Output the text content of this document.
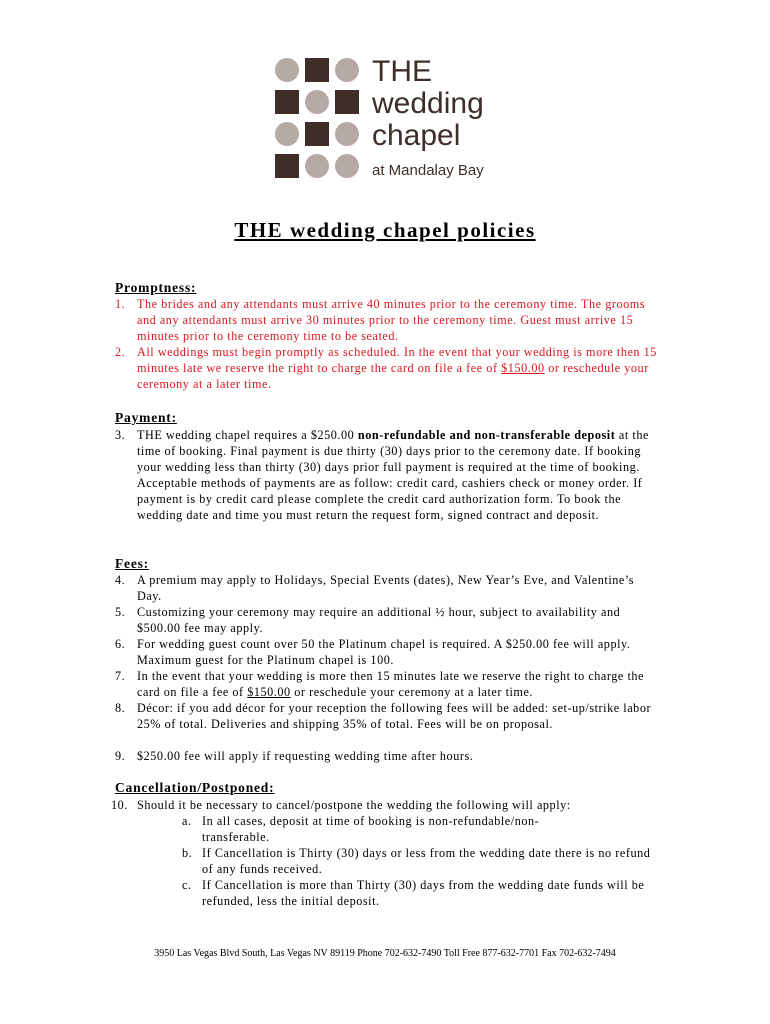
THE
wedding
chapel
at Mandalay Bay
THE wedding chapel policies
Promptness:
1. The brides and any attendants must arrive 40 minutes prior to the ceremony time. The grooms and any attendants must arrive 30 minutes prior to the ceremony time. Guest must arrive 15 minutes prior to the ceremony time to be seated.
2. All weddings must begin promptly as scheduled. In the event that your wedding is more then 15 minutes late we reserve the right to charge the card on file a fee of $150.00 or reschedule your ceremony at a later time.
Payment:
3. THE wedding chapel requires a $250.00 non-refundable and non-transferable deposit at the time of booking. Final payment is due thirty (30) days prior to the ceremony date. If booking your wedding less than thirty (30) days prior full payment is required at the time of booking. Acceptable methods of payments are as follow: credit card, cashiers check or money order. If payment is by credit card please complete the credit card authorization form. To book the wedding date and time you must return the request form, signed contract and deposit.
Fees:
4. A premium may apply to Holidays, Special Events (dates), New Year’s Eve, and Valentine’s Day.
5. Customizing your ceremony may require an additional ½ hour, subject to availability and $500.00 fee may apply.
6. For wedding guest count over 50 the Platinum chapel is required. A $250.00 fee will apply. Maximum guest for the Platinum chapel is 100.
7. In the event that your wedding is more then 15 minutes late we reserve the right to charge the card on file a fee of $150.00 or reschedule your ceremony at a later time.
8. Décor: if you add décor for your reception the following fees will be added: set-up/strike labor 25% of total. Deliveries and shipping 35% of total. Fees will be on proposal.
9. $250.00 fee will apply if requesting wedding time after hours.
Cancellation/Postponed:
10. Should it be necessary to cancel/postpone the wedding the following will apply:
a. In all cases, deposit at time of booking is non-refundable/non-transferable.
b. If Cancellation is Thirty (30) days or less from the wedding date there is no refund of any funds received.
c. If Cancellation is more than Thirty (30) days from the wedding date funds will be refunded, less the initial deposit.
3950 Las Vegas Blvd South, Las Vegas NV 89119 Phone 702-632-7490 Toll Free 877-632-7701 Fax 702-632-7494
